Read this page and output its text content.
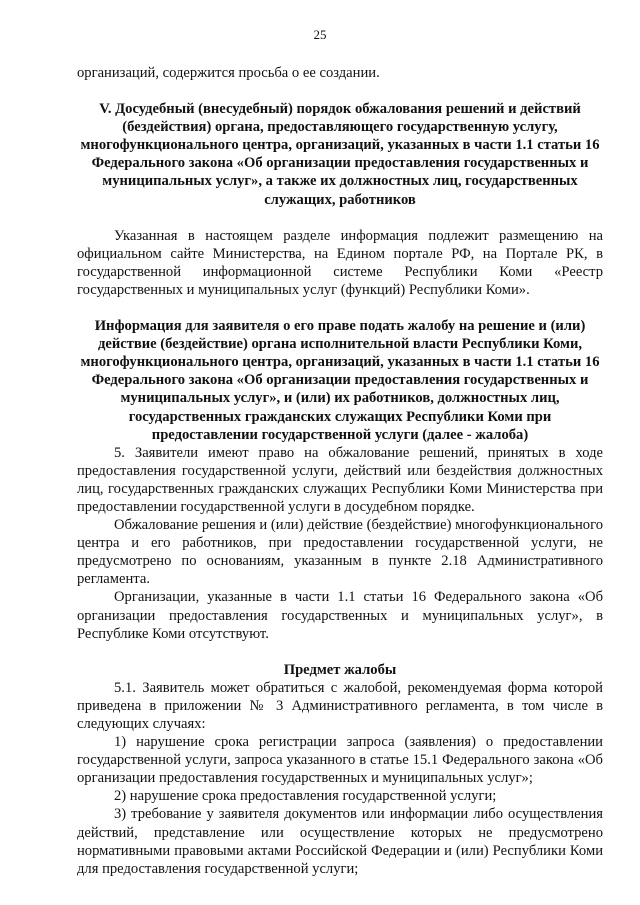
25

организаций, содержится просьба о ее создании.

V. Досудебный (внесудебный) порядок обжалования решений и действий (бездействия) органа, предоставляющего государственную услугу, многофункционального центра, организаций, указанных в части 1.1 статьи 16 Федерального закона «Об организации предоставления государственных и муниципальных услуг», а также их должностных лиц, государственных служащих, работников

Указанная в настоящем разделе информация подлежит размещению на официальном сайте Министерства, на Едином портале РФ, на Портале РК, в государственной информационной системе Республики Коми «Реестр государственных и муниципальных услуг (функций) Республики Коми».

Информация для заявителя о его праве подать жалобу на решение и (или) действие (бездействие) органа исполнительной власти Республики Коми, многофункционального центра, организаций, указанных в части 1.1 статьи 16 Федерального закона «Об организации предоставления государственных и муниципальных услуг», и (или) их работников, должностных лиц, государственных гражданских служащих Республики Коми при предоставлении государственной услуги (далее - жалоба)

5. Заявители имеют право на обжалование решений, принятых в ходе предоставления государственной услуги, действий или бездействия должностных лиц, государственных гражданских служащих Республики Коми Министерства при предоставлении государственной услуги в досудебном порядке.

Обжалование решения и (или) действие (бездействие) многофункционального центра и его работников, при предоставлении государственной услуги, не предусмотрено по основаниям, указанным в пункте 2.18 Административного регламента.

Организации, указанные в части 1.1 статьи 16 Федерального закона «Об организации предоставления государственных и муниципальных услуг», в Республике Коми отсутствуют.

Предмет жалобы

5.1. Заявитель может обратиться с жалобой, рекомендуемая форма которой приведена в приложении № 3 Административного регламента, в том числе в следующих случаях:

1) нарушение срока регистрации запроса (заявления) о предоставлении государственной услуги, запроса указанного в статье 15.1 Федерального закона «Об организации предоставления государственных и муниципальных услуг»;

2) нарушение срока предоставления государственной услуги;

3) требование у заявителя документов или информации либо осуществления действий, представление или осуществление которых не предусмотрено нормативными правовыми актами Российской Федерации и (или) Республики Коми для предоставления государственной услуги;
